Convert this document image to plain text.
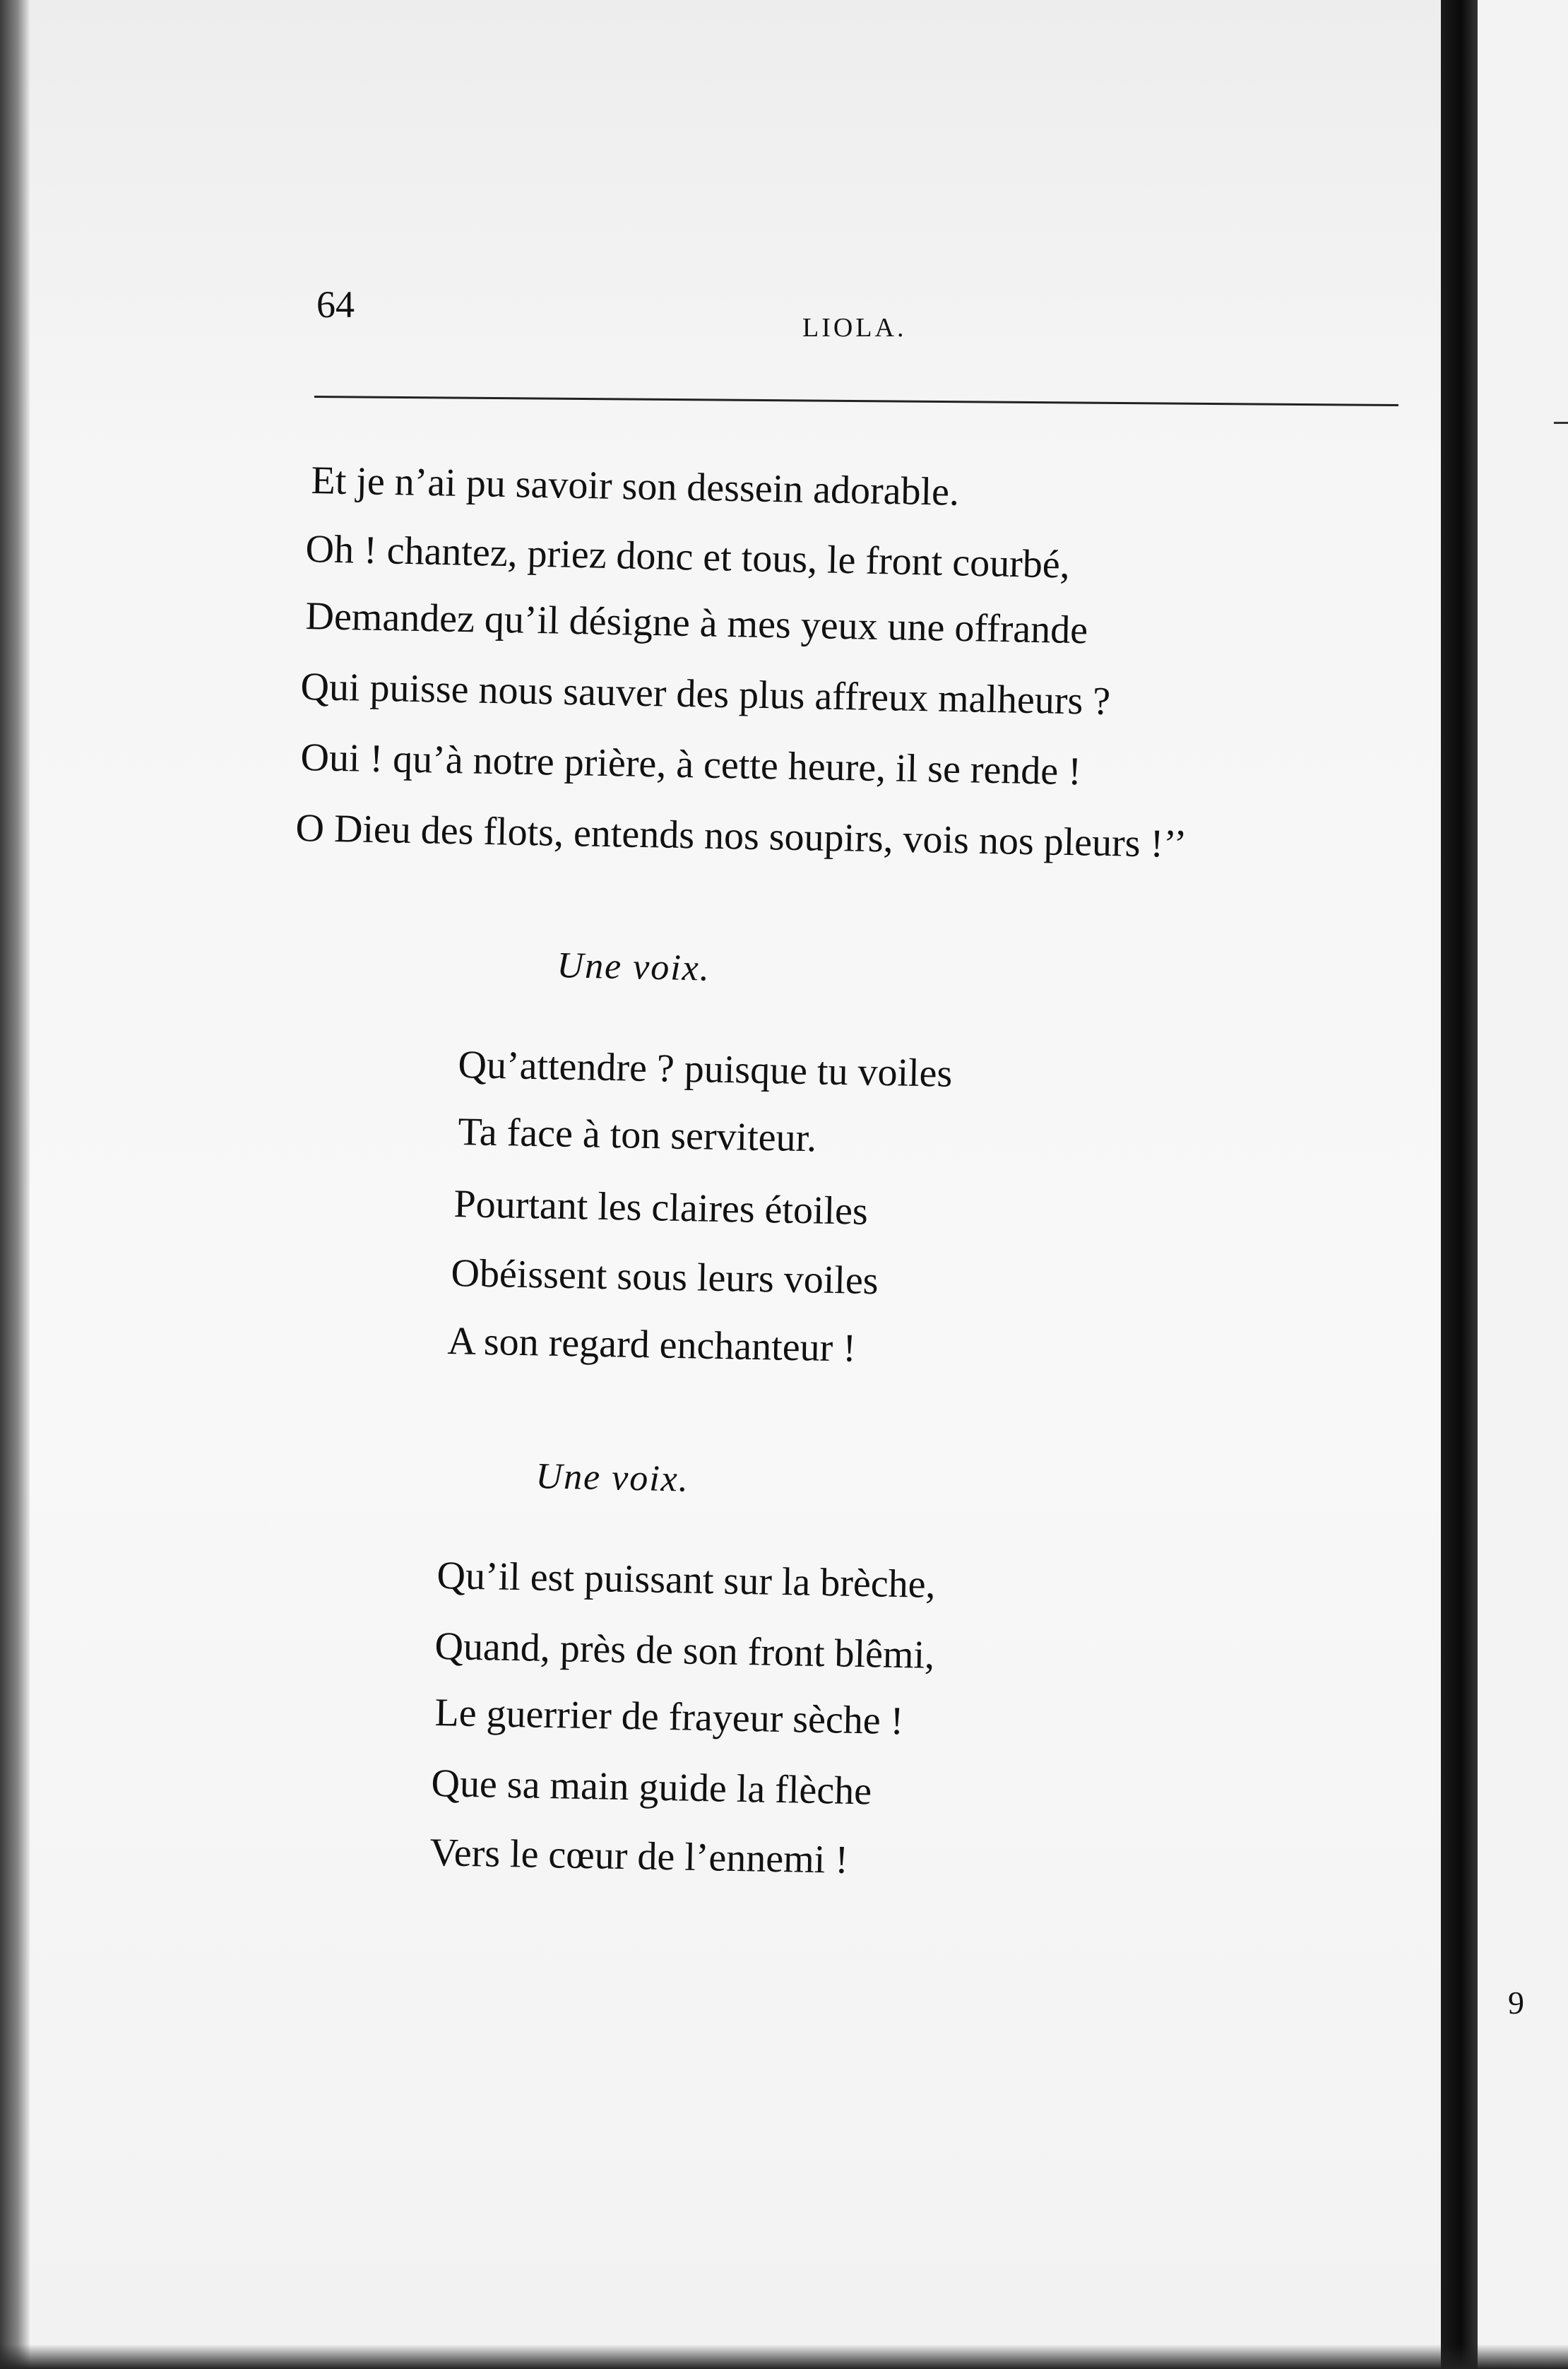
64
LIOLA.
Et je n’ai pu savoir son dessein adorable.
Oh ! chantez, priez donc et tous, le front courbé,
Demandez qu’il désigne à mes yeux une offrande
Qui puisse nous sauver des plus affreux malheurs ?
Oui ! qu’à notre prière, à cette heure, il se rende !
O Dieu des flots, entends nos soupirs, vois nos pleurs !’’
Une voix.
Qu’attendre ? puisque tu voiles
Ta face à ton serviteur.
Pourtant les claires étoiles
Obéissent sous leurs voiles
A son regard enchanteur !
Une voix.
Qu’il est puissant sur la brèche,
Quand, près de son front blêmi,
Le guerrier de frayeur sèche !
Que sa main guide la flèche
Vers le cœur de l’ennemi !
9
